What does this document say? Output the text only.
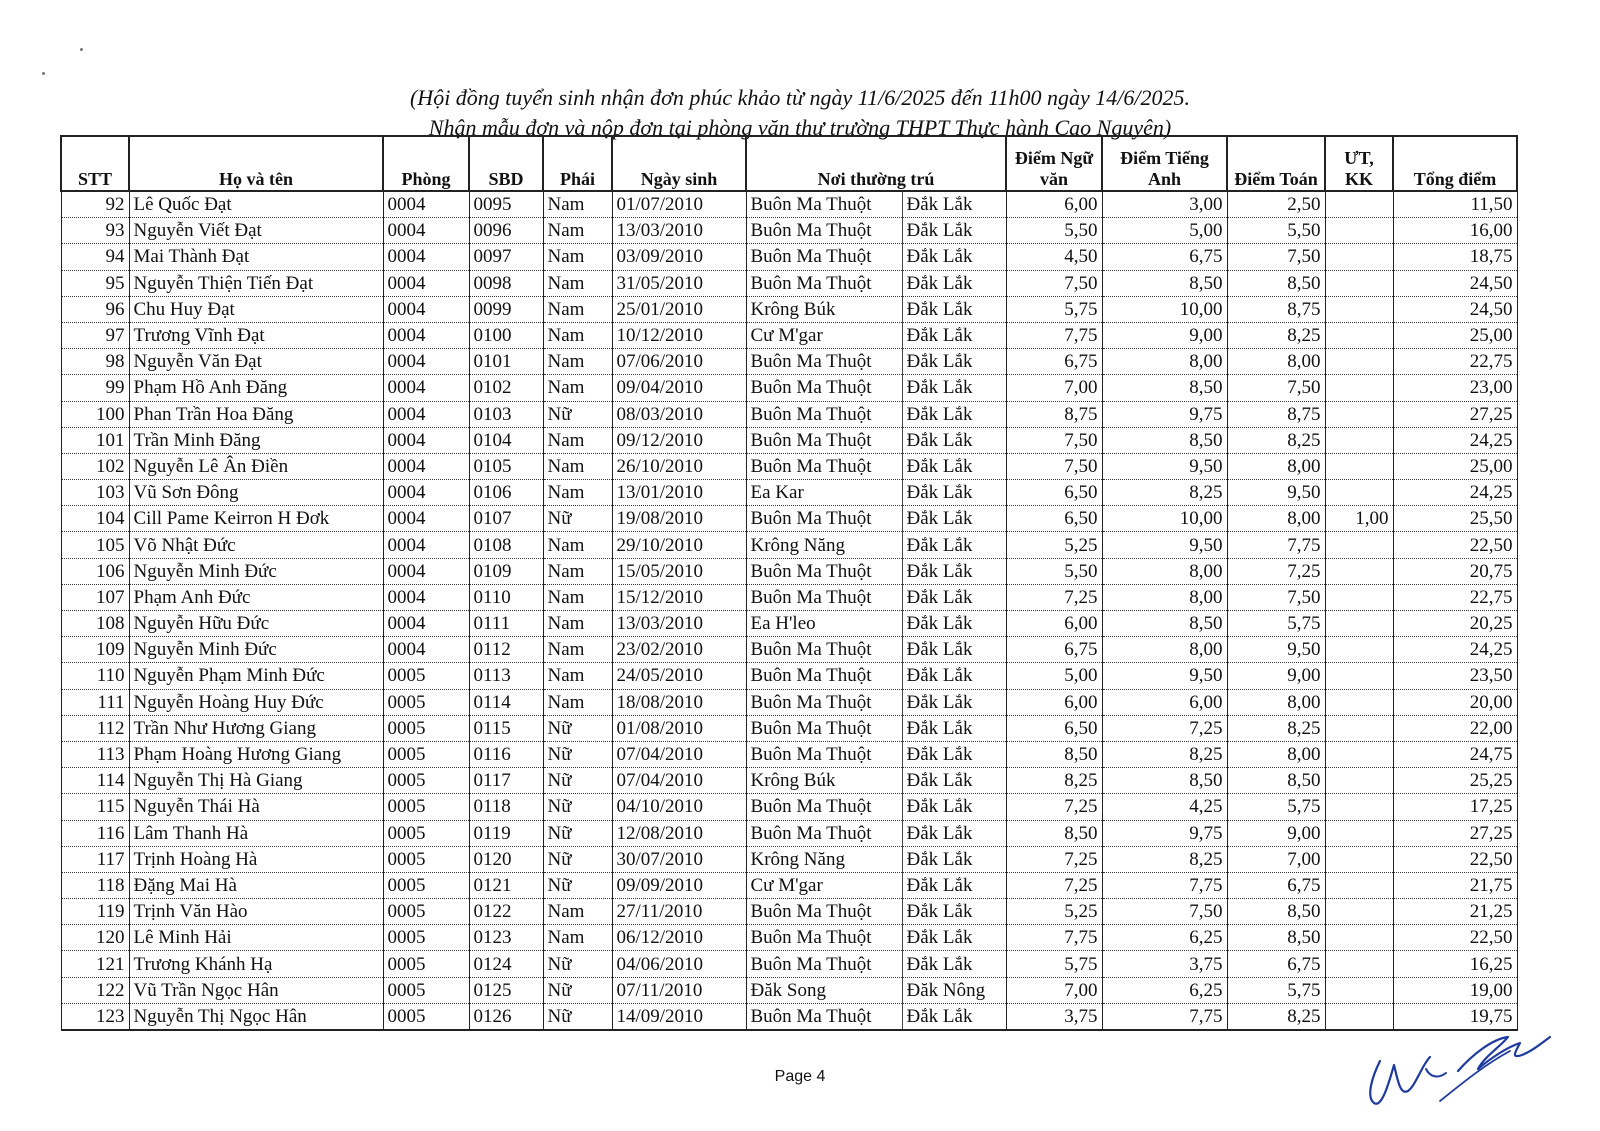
(Hội đồng tuyển sinh nhận đơn phúc khảo từ ngày 11/6/2025 đến 11h00 ngày 14/6/2025.
Nhận mẫu đơn và nộp đơn tại phòng văn thư trường THPT Thực hành Cao Nguyên)
STT	Họ và tên	Phòng	SBD	Phái	Ngày sinh	Nơi thường trú		Điểm Ngữ văn	Điểm Tiếng Anh	Điểm Toán	ƯT, KK	Tổng điểm
92	Lê Quốc Đạt	0004	0095	Nam	01/07/2010	Buôn Ma Thuột	Đắk Lắk	6,00	3,00	2,50		11,50
93	Nguyễn Viết Đạt	0004	0096	Nam	13/03/2010	Buôn Ma Thuột	Đắk Lắk	5,50	5,00	5,50		16,00
94	Mai Thành Đạt	0004	0097	Nam	03/09/2010	Buôn Ma Thuột	Đắk Lắk	4,50	6,75	7,50		18,75
95	Nguyễn Thiện Tiến Đạt	0004	0098	Nam	31/05/2010	Buôn Ma Thuột	Đắk Lắk	7,50	8,50	8,50		24,50
96	Chu Huy Đạt	0004	0099	Nam	25/01/2010	Krông Búk	Đắk Lắk	5,75	10,00	8,75		24,50
97	Trương Vĩnh Đạt	0004	0100	Nam	10/12/2010	Cư M'gar	Đắk Lắk	7,75	9,00	8,25		25,00
98	Nguyễn Văn Đạt	0004	0101	Nam	07/06/2010	Buôn Ma Thuột	Đắk Lắk	6,75	8,00	8,00		22,75
99	Phạm Hồ Anh Đăng	0004	0102	Nam	09/04/2010	Buôn Ma Thuột	Đắk Lắk	7,00	8,50	7,50		23,00
100	Phan Trần Hoa Đăng	0004	0103	Nữ	08/03/2010	Buôn Ma Thuột	Đắk Lắk	8,75	9,75	8,75		27,25
101	Trần Minh Đăng	0004	0104	Nam	09/12/2010	Buôn Ma Thuột	Đắk Lắk	7,50	8,50	8,25		24,25
102	Nguyễn Lê Ân Điền	0004	0105	Nam	26/10/2010	Buôn Ma Thuột	Đắk Lắk	7,50	9,50	8,00		25,00
103	Vũ Sơn Đông	0004	0106	Nam	13/01/2010	Ea Kar	Đắk Lắk	6,50	8,25	9,50		24,25
104	Cill Pame Keirron H Đơk	0004	0107	Nữ	19/08/2010	Buôn Ma Thuột	Đắk Lắk	6,50	10,00	8,00	1,00	25,50
105	Võ Nhật Đức	0004	0108	Nam	29/10/2010	Krông Năng	Đắk Lắk	5,25	9,50	7,75		22,50
106	Nguyễn Minh Đức	0004	0109	Nam	15/05/2010	Buôn Ma Thuột	Đắk Lắk	5,50	8,00	7,25		20,75
107	Phạm Anh Đức	0004	0110	Nam	15/12/2010	Buôn Ma Thuột	Đắk Lắk	7,25	8,00	7,50		22,75
108	Nguyễn Hữu Đức	0004	0111	Nam	13/03/2010	Ea H'leo	Đắk Lắk	6,00	8,50	5,75		20,25
109	Nguyễn Minh Đức	0004	0112	Nam	23/02/2010	Buôn Ma Thuột	Đắk Lắk	6,75	8,00	9,50		24,25
110	Nguyễn Phạm Minh Đức	0005	0113	Nam	24/05/2010	Buôn Ma Thuột	Đắk Lắk	5,00	9,50	9,00		23,50
111	Nguyễn Hoàng Huy Đức	0005	0114	Nam	18/08/2010	Buôn Ma Thuột	Đắk Lắk	6,00	6,00	8,00		20,00
112	Trần Như Hương Giang	0005	0115	Nữ	01/08/2010	Buôn Ma Thuột	Đắk Lắk	6,50	7,25	8,25		22,00
113	Phạm Hoàng Hương Giang	0005	0116	Nữ	07/04/2010	Buôn Ma Thuột	Đắk Lắk	8,50	8,25	8,00		24,75
114	Nguyễn Thị Hà Giang	0005	0117	Nữ	07/04/2010	Krông Búk	Đắk Lắk	8,25	8,50	8,50		25,25
115	Nguyễn Thái Hà	0005	0118	Nữ	04/10/2010	Buôn Ma Thuột	Đắk Lắk	7,25	4,25	5,75		17,25
116	Lâm Thanh Hà	0005	0119	Nữ	12/08/2010	Buôn Ma Thuột	Đắk Lắk	8,50	9,75	9,00		27,25
117	Trịnh Hoàng Hà	0005	0120	Nữ	30/07/2010	Krông Năng	Đắk Lắk	7,25	8,25	7,00		22,50
118	Đặng Mai Hà	0005	0121	Nữ	09/09/2010	Cư M'gar	Đắk Lắk	7,25	7,75	6,75		21,75
119	Trịnh Văn Hào	0005	0122	Nam	27/11/2010	Buôn Ma Thuột	Đắk Lắk	5,25	7,50	8,50		21,25
120	Lê Minh Hải	0005	0123	Nam	06/12/2010	Buôn Ma Thuột	Đắk Lắk	7,75	6,25	8,50		22,50
121	Trương Khánh Hạ	0005	0124	Nữ	04/06/2010	Buôn Ma Thuột	Đắk Lắk	5,75	3,75	6,75		16,25
122	Vũ Trần Ngọc Hân	0005	0125	Nữ	07/11/2010	Đăk Song	Đăk Nông	7,00	6,25	5,75		19,00
123	Nguyễn Thị Ngọc Hân	0005	0126	Nữ	14/09/2010	Buôn Ma Thuột	Đắk Lắk	3,75	7,75	8,25		19,75
Page 4
